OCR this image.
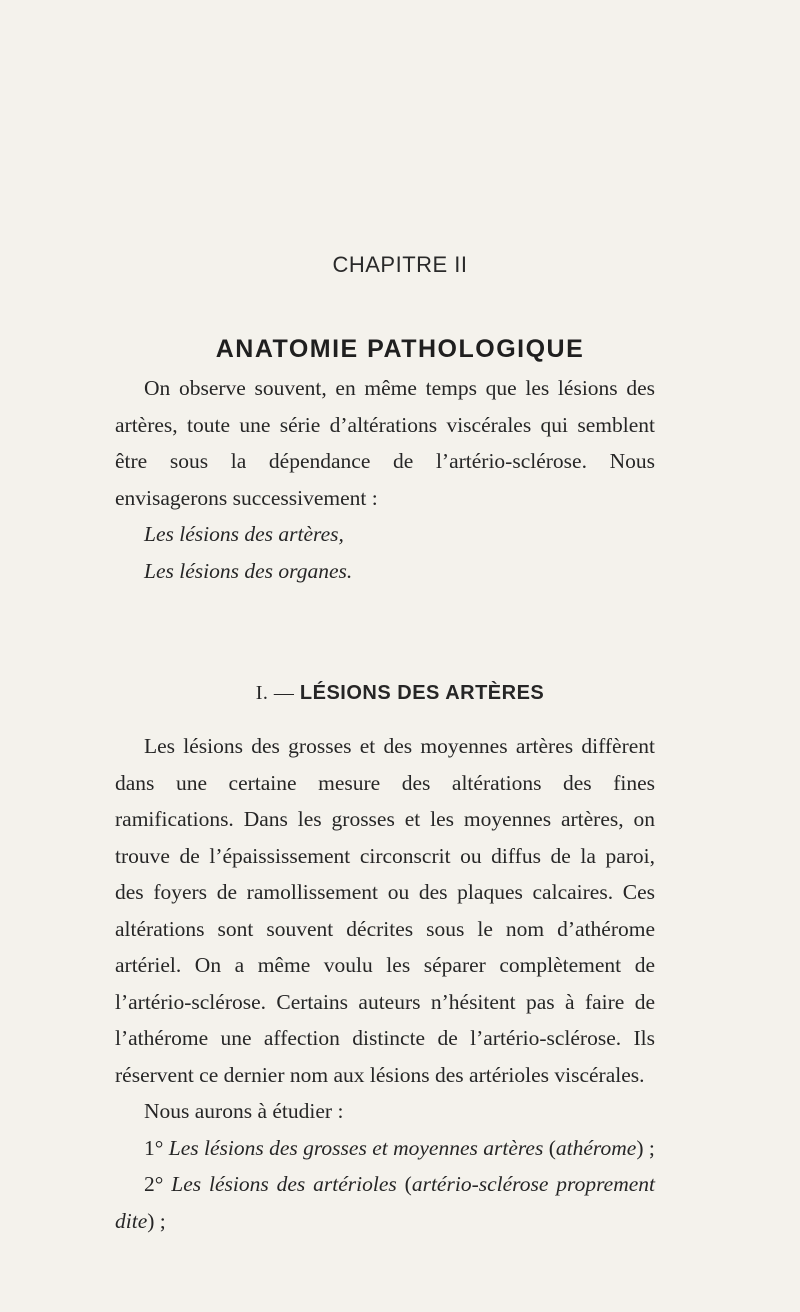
CHAPITRE II
ANATOMIE PATHOLOGIQUE

On observe souvent, en même temps que les lésions des artères, toute une série d’altérations viscérales qui semblent être sous la dépendance de l’artério-sclérose. Nous envisagerons successivement :

Les lésions des artères,

Les lésions des organes.

I. — LÉSIONS DES ARTÈRES

Les lésions des grosses et des moyennes artères diffèrent dans une certaine mesure des altérations des fines ramifications. Dans les grosses et les moyennes artères, on trouve de l’épaississement circonscrit ou diffus de la paroi, des foyers de ramollissement ou des plaques calcaires. Ces altérations sont souvent décrites sous le nom d’athérome artériel. On a même voulu les séparer complètement de l’artério-sclérose. Certains auteurs n’hésitent pas à faire de l’athérome une affection distincte de l’artério-sclérose. Ils réservent ce dernier nom aux lésions des artérioles viscérales.

Nous aurons à étudier :

1° Les lésions des grosses et moyennes artères (athérome) ;

2° Les lésions des artérioles (artério-sclérose proprement dite) ;
